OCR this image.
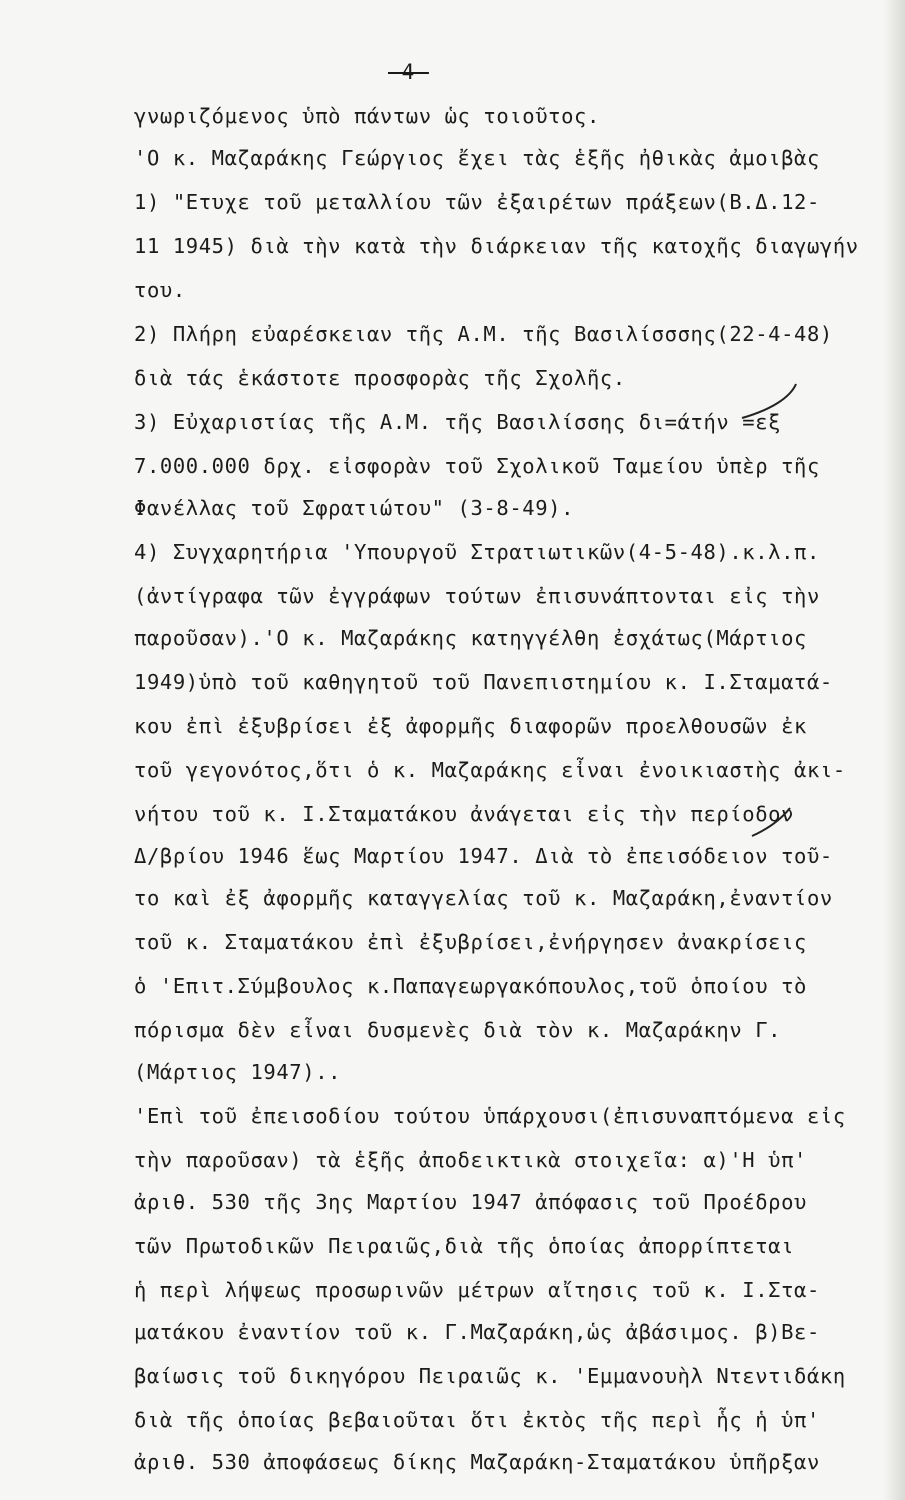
-4-
γνωριζόμενος ὑπὸ πάντων ὡς τοιοῦτος.
'Ο κ. Μαζαράκης Γεώργιος ἔχει τὰς ἑξῆς ἠθικὰς ἀμοιβὰς
1) "Ετυχε τοῦ μεταλλίου τῶν ἐξαιρέτων πράξεων(Β.Δ.12-
11 1945) διὰ τὴν κατὰ τὴν διάρκειαν τῆς κατοχῆς διαγωγήν
του.
2) Πλήρη εὐαρέσκειαν τῆς Α.Μ. τῆς Βασιλίσσσης(22-4-48)
διὰ τάς ἑκάστοτε προσφορὰς τῆς Σχολῆς.
3) Εὐχαριστίας τῆς Α.Μ. τῆς Βασιλίσσης δι=άτήν =εξ
7.000.000 δρχ. εἰσφορὰν τοῦ Σχολικοῦ Ταμείου ὑπὲρ τῆς
Φανέλλας τοῦ Σφρατιώτου" (3-8-49).
4) Συγχαρητήρια 'Υπουργοῦ Στρατιωτικῶν(4-5-48).κ.λ.π.
(ἀντίγραφα τῶν ἐγγράφων τούτων ἐπισυνάπτονται εἰς τὴν
παροῦσαν).'Ο κ. Μαζαράκης κατηγγέλθη ἐσχάτως(Μάρτιος
1949)ὑπὸ τοῦ καθηγητοῦ τοῦ Πανεπιστημίου κ. Ι.Σταματά-
κου ἐπὶ ἐξυβρίσει ἐξ ἀφορμῆς διαφορῶν προελθουσῶν ἐκ
τοῦ γεγονότος,ὅτι ὁ κ. Μαζαράκης εἶναι ἐνοικιαστὴς ἀκι-
νήτου τοῦ κ. Ι.Σταματάκου ἀνάγεται εἰς τὴν περίοδον
Δ/βρίου 1946 ἕως Μαρτίου 1947. Διὰ τὸ ἐπεισόδειον τοῦ-
το καὶ ἐξ ἀφορμῆς καταγγελίας τοῦ κ. Μαζαράκη,ἐναντίον
τοῦ κ. Σταματάκου ἐπὶ ἐξυβρίσει,ἐνήργησεν ἀνακρίσεις
ὁ 'Επιτ.Σύμβουλος κ.Παπαγεωργακόπουλος,τοῦ ὁποίου τὸ
πόρισμα δὲν εἶναι δυσμενὲς διὰ τὸν κ. Μαζαράκην Γ.
(Μάρτιος 1947)..
'Επὶ τοῦ ἐπεισοδίου τούτου ὑπάρχουσι(ἐπισυναπτόμενα εἰς
τὴν παροῦσαν) τὰ ἑξῆς ἀποδεικτικὰ στοιχεῖα: α)'Η ὑπ'
ἀριθ. 530 τῆς 3ης Μαρτίου 1947 ἀπόφασις τοῦ Προέδρου
τῶν Πρωτοδικῶν Πειραιῶς,διὰ τῆς ὁποίας ἀπορρίπτεται
ἡ περὶ λήψεως προσωρινῶν μέτρων αἴτησις τοῦ κ. Ι.Στα-
ματάκου ἐναντίον τοῦ κ. Γ.Μαζαράκη,ὡς ἀβάσιμος. β)Βε-
βαίωσις τοῦ δικηγόρου Πειραιῶς κ. 'Εμμανουὴλ Ντεντιδάκη
διὰ τῆς ὁποίας βεβαιοῦται ὅτι ἐκτὸς τῆς περὶ ἧς ἡ ὑπ'
ἀριθ. 530 ἀποφάσεως δίκης Μαζαράκη-Σταματάκου ὑπῆρξαν
